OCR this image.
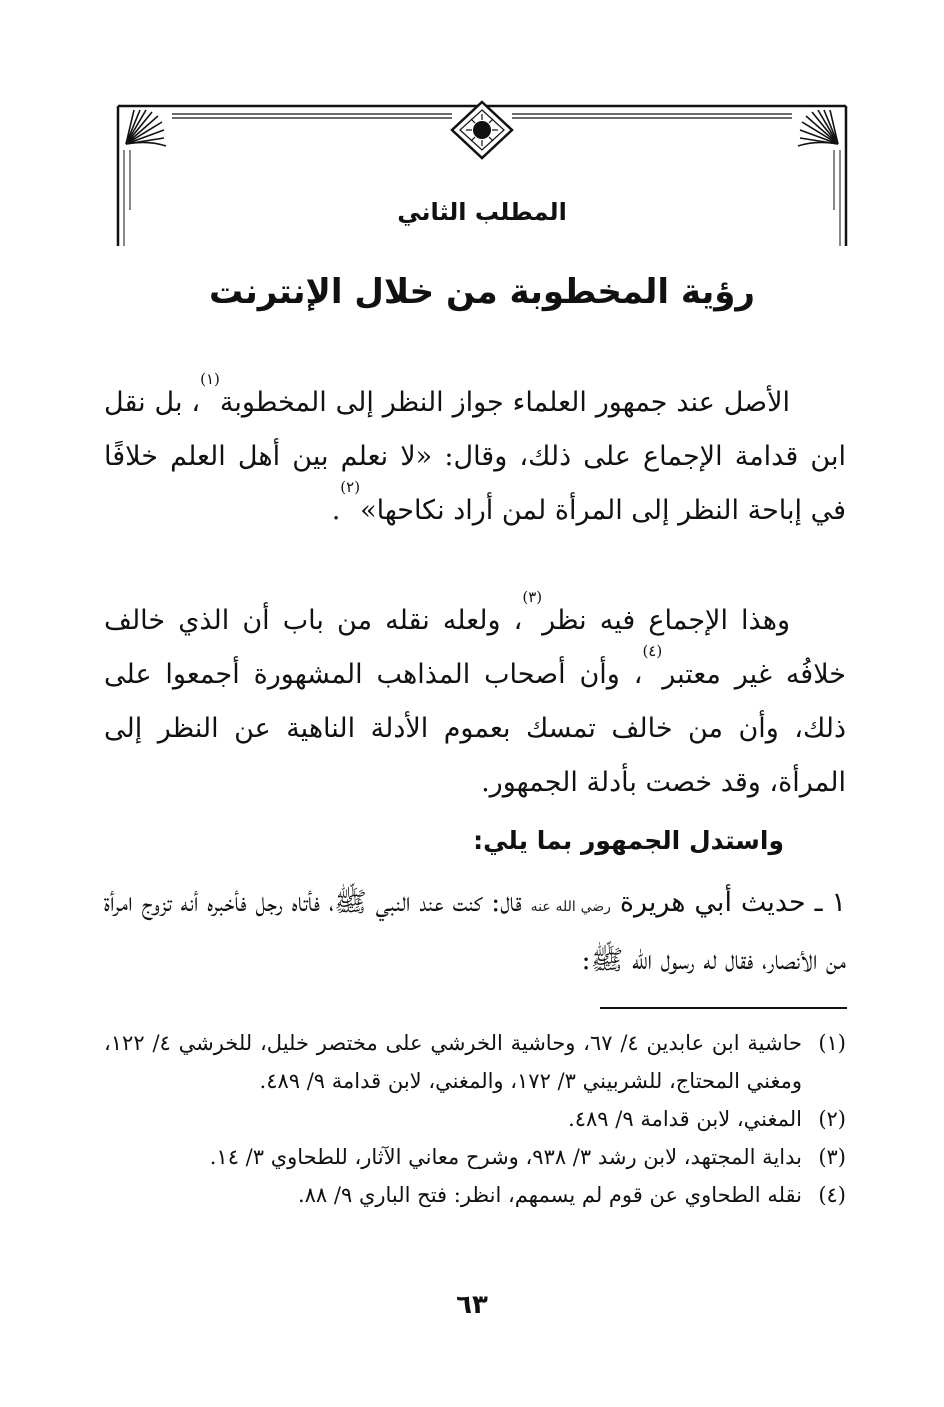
المطلب الثاني
رؤية المخطوبة من خلال الإنترنت

الأصل عند جمهور العلماء جواز النظر إلى المخطوبة$^{(١)}$، بل نقل ابن قدامة الإجماع على ذلك، وقال: «لا نعلم بين أهل العلم خلافًا في إباحة النظر إلى المرأة لمن أراد نكاحها»$^{(٢)}$.

وهذا الإجماع فيه نظر$^{(٣)}$، ولعله نقله من باب أن الذي خالف خلافُه غير معتبر$^{(٤)}$، وأن أصحاب المذاهب المشهورة أجمعوا على ذلك، وأن من خالف تمسك بعموم الأدلة الناهية عن النظر إلى المرأة، وقد خصت بأدلة الجمهور.

واستدل الجمهور بما يلي:

١ ـ حديث أبي هريرة رضي الله عنه قال: كنت عند النبي ﷺ، فأتاه رجل فأخبره أنه تزوج امرأة من الأنصار، فقال له رسول الله ﷺ:

(١)
حاشية ابن عابدين ٤/ ٦٧، وحاشية الخرشي على مختصر خليل، للخرشي ٤/ ١٢٢، ومغني المحتاج، للشربيني ٣/ ١٧٢، والمغني، لابن قدامة ٩/ ٤٨٩.

(٢)
المغني، لابن قدامة ٩/ ٤٨٩.

(٣)
بداية المجتهد، لابن رشد ٣/ ٩٣٨، وشرح معاني الآثار، للطحاوي ٣/ ١٤.

(٤)
نقله الطحاوي عن قوم لم يسمهم، انظر: فتح الباري ٩/ ٨٨.

٦٣
